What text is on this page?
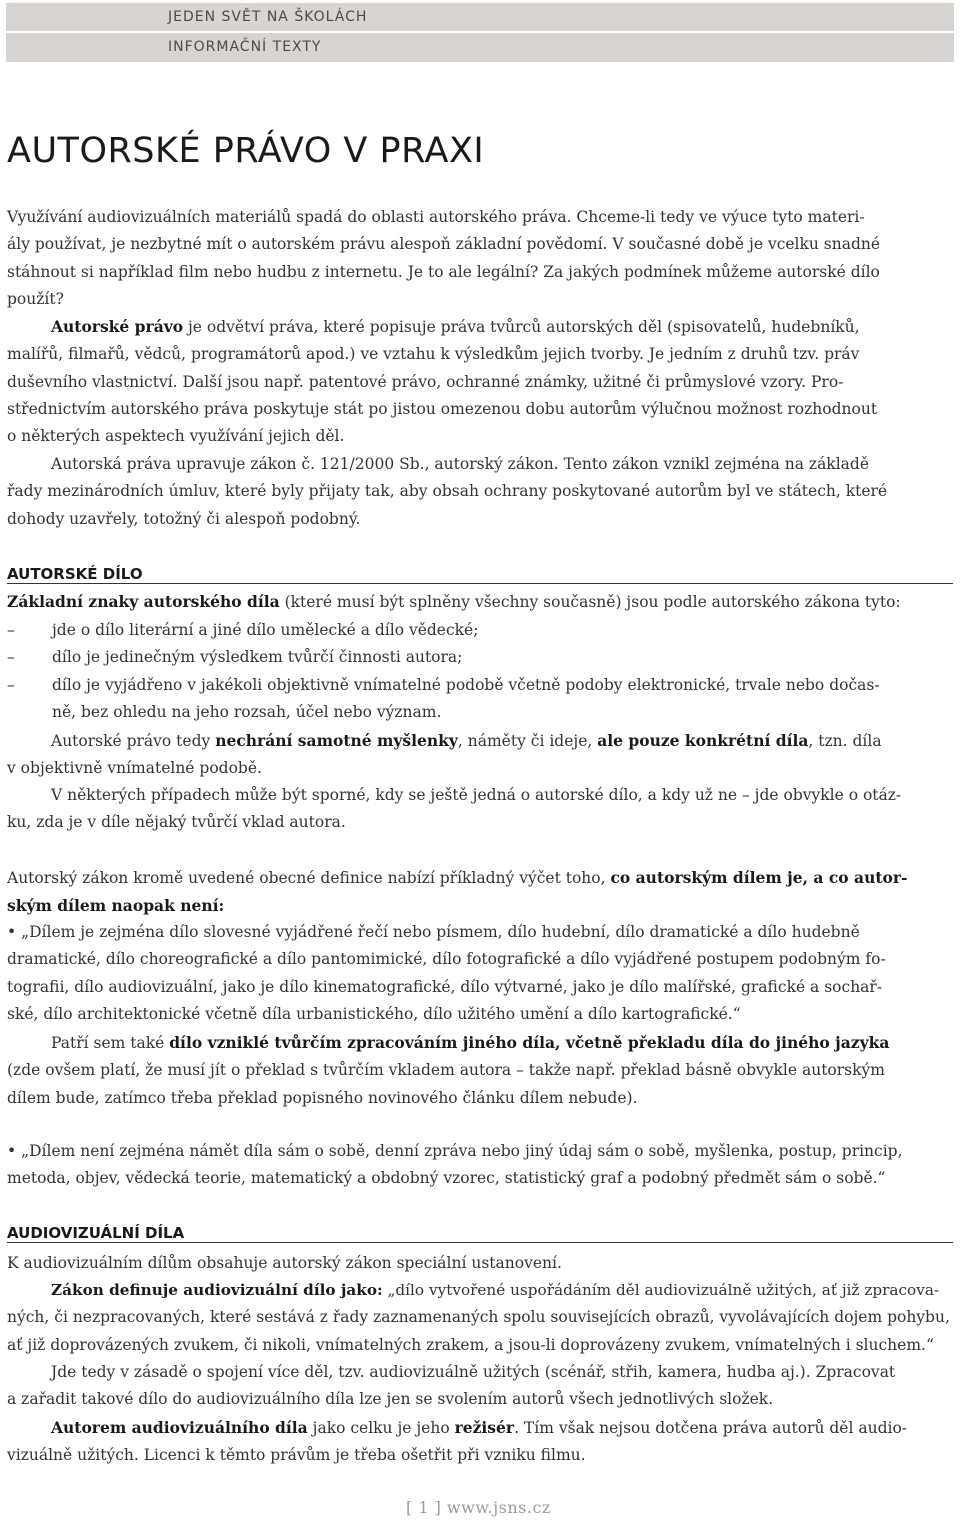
JEDEN SVĚT NA ŠKOLÁCH
INFORMAČNÍ TEXTY
AUTORSKÉ PRÁVO V PRAXI
Využívání audiovizuálních materiálů spadá do oblasti autorského práva. Chceme-li tedy ve výuce tyto materi-
ály používat, je nezbytné mít o autorském právu alespoň základní povědomí. V současné době je vcelku snadné
stáhnout si například film nebo hudbu z internetu. Je to ale legální? Za jakých podmínek můžeme autorské dílo
použít?
Autorské právo je odvětví práva, které popisuje práva tvůrců autorských děl (spisovatelů, hudebníků,
malířů, filmařů, vědců, programátorů apod.) ve vztahu k výsledkům jejich tvorby. Je jedním z druhů tzv. práv
duševního vlastnictví. Další jsou např. patentové právo, ochranné známky, užitné či průmyslové vzory. Pro-
střednictvím autorského práva poskytuje stát po jistou omezenou dobu autorům výlučnou možnost rozhodnout
o některých aspektech využívání jejich děl.
Autorská práva upravuje zákon č. 121/2000 Sb., autorský zákon. Tento zákon vznikl zejména na základě
řady mezinárodních úmluv, které byly přijaty tak, aby obsah ochrany poskytované autorům byl ve státech, které
dohody uzavřely, totožný či alespoň podobný.
AUTORSKÉ DÍLO
Základní znaky autorského díla (které musí být splněny všechny současně) jsou podle autorského zákona tyto:
–	jde o dílo literární a jiné dílo umělecké a dílo vědecké;
–	dílo je jedinečným výsledkem tvůrčí činnosti autora;
–	dílo je vyjádřeno v jakékoli objektivně vnímatelné podobě včetně podoby elektronické, trvale nebo dočas-
ně, bez ohledu na jeho rozsah, účel nebo význam.
Autorské právo tedy nechrání samotné myšlenky, náměty či ideje, ale pouze konkrétní díla, tzn. díla
v objektivně vnímatelné podobě.
V některých případech může být sporné, kdy se ještě jedná o autorské dílo, a kdy už ne – jde obvykle o otáz-
ku, zda je v díle nějaký tvůrčí vklad autora.
Autorský zákon kromě uvedené obecné definice nabízí příkladný výčet toho, co autorským dílem je, a co autor-
ským dílem naopak není:
• „Dílem je zejména dílo slovesné vyjádřené řečí nebo písmem, dílo hudební, dílo dramatické a dílo hudebně
dramatické, dílo choreografické a dílo pantomimické, dílo fotografické a dílo vyjádřené postupem podobným fo-
tografii, dílo audiovizuální, jako je dílo kinematografické, dílo výtvarné, jako je dílo malířské, grafické a sochař-
ské, dílo architektonické včetně díla urbanistického, dílo užitého umění a dílo kartografické.“
Patří sem také dílo vzniklé tvůrčím zpracováním jiného díla, včetně překladu díla do jiného jazyka
(zde ovšem platí, že musí jít o překlad s tvůrčím vkladem autora – takže např. překlad básně obvykle autorským
dílem bude, zatímco třeba překlad popisného novinového článku dílem nebude).
• „Dílem není zejména námět díla sám o sobě, denní zpráva nebo jiný údaj sám o sobě, myšlenka, postup, princip,
metoda, objev, vědecká teorie, matematický a obdobný vzorec, statistický graf a podobný předmět sám o sobě.“
AUDIOVIZUÁLNÍ DÍLA
K audiovizuálním dílům obsahuje autorský zákon speciální ustanovení.
Zákon definuje audiovizuální dílo jako: „dílo vytvořené uspořádáním děl audiovizuálně užitých, ať již zpracova-
ných, či nezpracovaných, které sestává z řady zaznamenaných spolu souvisejících obrazů, vyvolávajících dojem pohybu,
ať již doprovázených zvukem, či nikoli, vnímatelných zrakem, a jsou-li doprovázeny zvukem, vnímatelných i sluchem.“
Jde tedy v zásadě o spojení více děl, tzv. audiovizuálně užitých (scénář, střih, kamera, hudba aj.). Zpracovat
a zařadit takové dílo do audiovizuálního díla lze jen se svolením autorů všech jednotlivých složek.
Autorem audiovizuálního díla jako celku je jeho režisér. Tím však nejsou dotčena práva autorů děl audio-
vizuálně užitých. Licenci k těmto právům je třeba ošetřit při vzniku filmu.
[ 1 ] www.jsns.cz
